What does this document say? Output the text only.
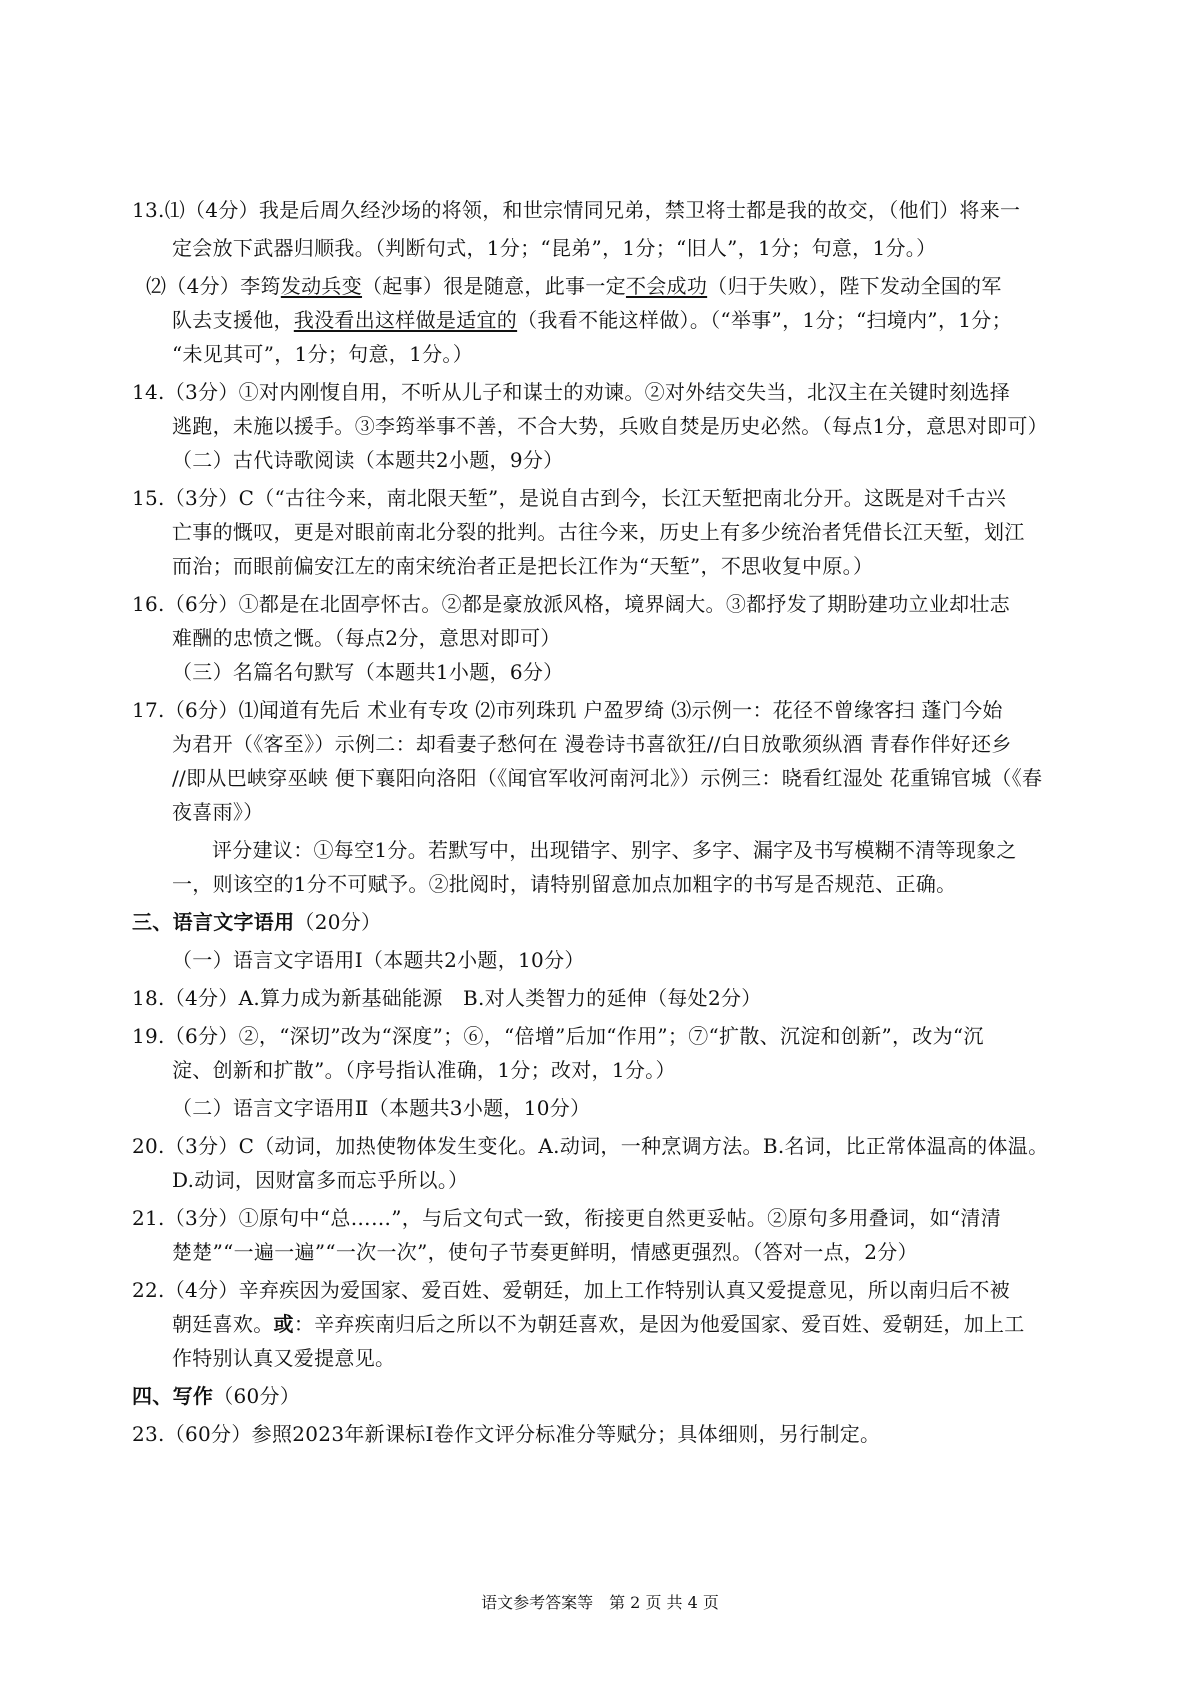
13.⑴（4分）我是后周久经沙场的将领，和世宗情同兄弟，禁卫将士都是我的故交，（他们）将来一
定会放下武器归顺我。（判断句式，1分；“昆弟”，1分；“旧人”，1分；句意，1分。）
⑵（4分）李筠发动兵变（起事）很是随意，此事一定不会成功（归于失败），陛下发动全国的军
队去支援他，我没看出这样做是适宜的（我看不能这样做）。（“举事”，1分；“扫境内”，1分；
“未见其可”，1分；句意，1分。）
14.（3分）①对内刚愎自用，不听从儿子和谋士的劝谏。②对外结交失当，北汉主在关键时刻选择
逃跑，未施以援手。③李筠举事不善，不合大势，兵败自焚是历史必然。（每点1分，意思对即可）
（二）古代诗歌阅读（本题共2小题，9分）
15.（3分）C（“古往今来，南北限天堑”，是说自古到今，长江天堑把南北分开。这既是对千古兴
亡事的慨叹，更是对眼前南北分裂的批判。古往今来，历史上有多少统治者凭借长江天堑，划江
而治；而眼前偏安江左的南宋统治者正是把长江作为“天堑”，不思收复中原。）
16.（6分）①都是在北固亭怀古。②都是豪放派风格，境界阔大。③都抒发了期盼建功立业却壮志
难酬的忠愤之慨。（每点2分，意思对即可）
（三）名篇名句默写（本题共1小题，6分）
17.（6分）⑴闻道有先后 术业有专攻 ⑵市列珠玑 户盈罗绮 ⑶示例一：花径不曾缘客扫 蓬门今始
为君开（《客至》）示例二：却看妻子愁何在 漫卷诗书喜欲狂//白日放歌须纵酒 青春作伴好还乡
//即从巴峡穿巫峡 便下襄阳向洛阳（《闻官军收河南河北》）示例三：晓看红湿处 花重锦官城（《春
夜喜雨》）
评分建议：①每空1分。若默写中，出现错字、别字、多字、漏字及书写模糊不清等现象之
一，则该空的1分不可赋予。②批阅时，请特别留意加点加粗字的书写是否规范、正确。
三、语言文字语用（20分）
（一）语言文字语用Ⅰ（本题共2小题，10分）
18.（4分）A.算力成为新基础能源　B.对人类智力的延伸（每处2分）
19.（6分）②，“深切”改为“深度”；⑥，“倍增”后加“作用”；⑦“扩散、沉淀和创新”，改为“沉
淀、创新和扩散”。（序号指认准确，1分；改对，1分。）
（二）语言文字语用Ⅱ（本题共3小题，10分）
20.（3分）C（动词，加热使物体发生变化。A.动词，一种烹调方法。B.名词，比正常体温高的体温。
D.动词，因财富多而忘乎所以。）
21.（3分）①原句中“总……”，与后文句式一致，衔接更自然更妥帖。②原句多用叠词，如“清清
楚楚”“一遍一遍”“一次一次”，使句子节奏更鲜明，情感更强烈。（答对一点，2分）
22.（4分）辛弃疾因为爱国家、爱百姓、爱朝廷，加上工作特别认真又爱提意见，所以南归后不被
朝廷喜欢。或：辛弃疾南归后之所以不为朝廷喜欢，是因为他爱国家、爱百姓、爱朝廷，加上工
作特别认真又爱提意见。
四、写作（60分）
23.（60分）参照2023年新课标Ⅰ卷作文评分标准分等赋分；具体细则，另行制定。
语文参考答案等　第 2 页 共 4 页
